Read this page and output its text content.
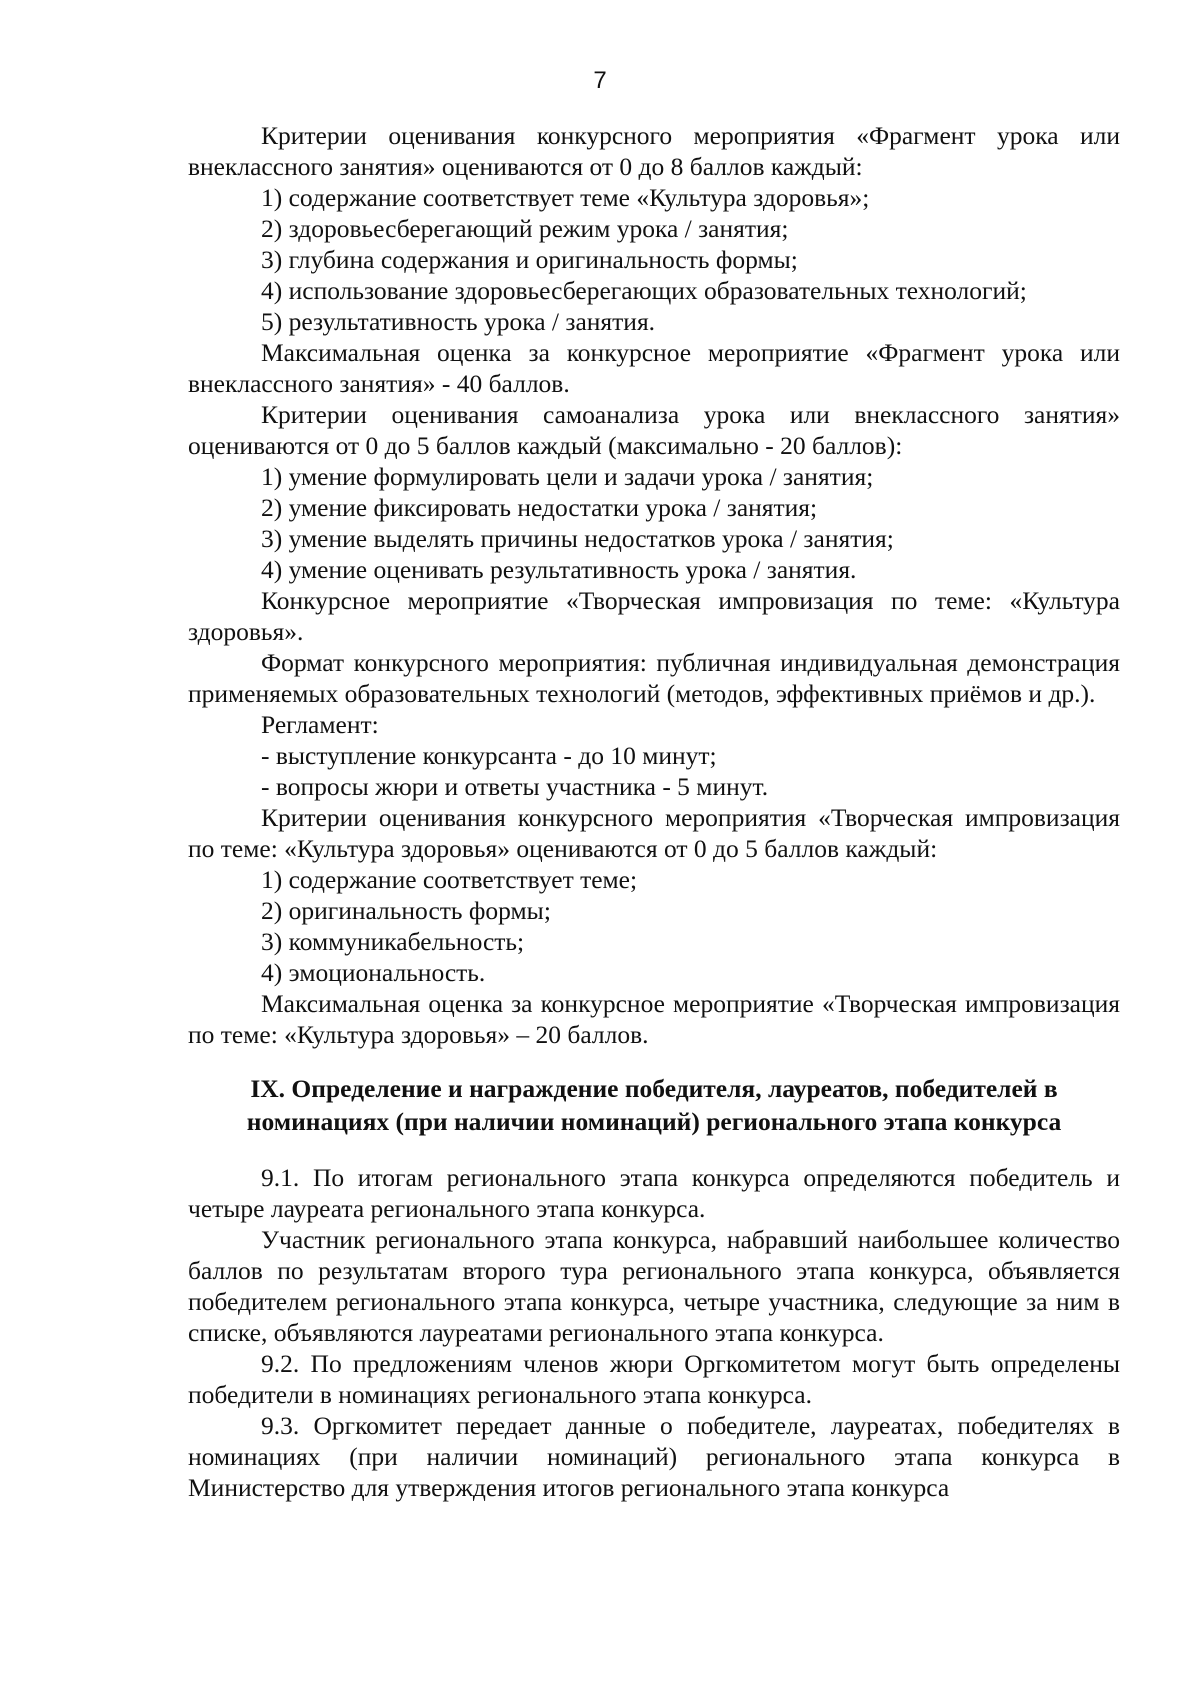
7

Критерии оценивания конкурсного мероприятия «Фрагмент урока или внеклассного занятия» оцениваются от 0 до 8 баллов каждый:

1) содержание соответствует теме «Культура здоровья»;

2) здоровьесберегающий режим урока / занятия;

3) глубина содержания и оригинальность формы;

4) использование здоровьесберегающих образовательных технологий;

5) результативность урока / занятия.

Максимальная оценка за конкурсное мероприятие «Фрагмент урока или внеклассного занятия» - 40 баллов.

Критерии оценивания самоанализа урока или внеклассного занятия» оцениваются от 0 до 5 баллов каждый (максимально - 20 баллов):

1) умение формулировать цели и задачи урока / занятия;

2) умение фиксировать недостатки урока / занятия;

3) умение выделять причины недостатков урока / занятия;

4) умение оценивать результативность урока / занятия.

Конкурсное мероприятие «Творческая импровизация по теме: «Культура здоровья».

Формат конкурсного мероприятия: публичная индивидуальная демонстрация применяемых образовательных технологий (методов, эффективных приёмов и др.).

Регламент:

- выступление конкурсанта - до 10 минут;

- вопросы жюри и ответы участника - 5 минут.

Критерии оценивания конкурсного мероприятия «Творческая импровизация по теме: «Культура здоровья» оцениваются от 0 до 5 баллов каждый:

1) содержание соответствует теме;

2) оригинальность формы;

3) коммуникабельность;

4) эмоциональность.

Максимальная оценка за конкурсное мероприятие «Творческая импровизация по теме: «Культура здоровья» – 20 баллов.

IX. Определение и награждение победителя, лауреатов, победителей в номинациях (при наличии номинаций) регионального этапа конкурса

9.1. По итогам регионального этапа конкурса определяются победитель и четыре лауреата регионального этапа конкурса.

Участник регионального этапа конкурса, набравший наибольшее количество баллов по результатам второго тура регионального этапа конкурса, объявляется победителем регионального этапа конкурса, четыре участника, следующие за ним в списке, объявляются лауреатами регионального этапа конкурса.

9.2. По предложениям членов жюри Оргкомитетом могут быть определены победители в номинациях регионального этапа конкурса.

9.3. Оргкомитет передает данные о победителе, лауреатах, победителях в номинациях (при наличии номинаций) регионального этапа конкурса в Министерство для утверждения итогов регионального этапа конкурса
